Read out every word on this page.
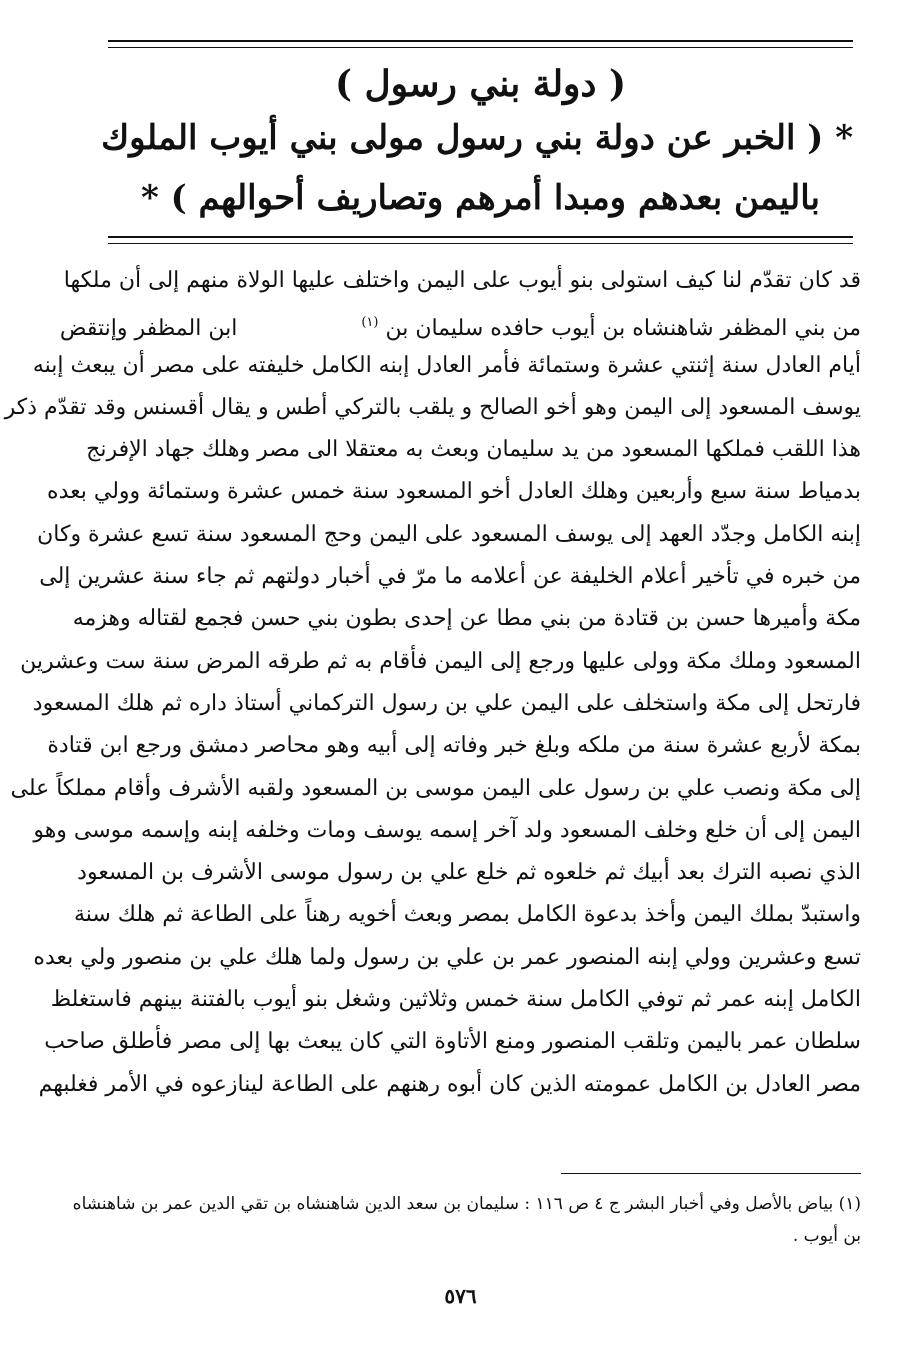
( دولة بني رسول )
* ( الخبر عن دولة بني رسول مولى بني أيوب الملوك
باليمن بعدهم ومبدا أمرهم وتصاريف أحوالهم ) *
قد كان تقدّم لنا كيف استولى بنو أيوب على اليمن واختلف عليها الولاة منهم إلى أن ملكها
من بني المظفر شاهنشاه بن أيوب حافده سليمان بن $^{(١)}$  ابن المظفر وإنتقض
أيام العادل سنة إثنتي عشرة وستمائة فأمر العادل إبنه الكامل خليفته على مصر أن يبعث إبنه
يوسف المسعود إلى اليمن وهو أخو الصالح و يلقب بالتركي أطس و يقال أقسنس وقد تقدّم ذكر
هذا اللقب فملكها المسعود من يد سليمان وبعث به معتقلا الى مصر وهلك جهاد الإفرنج
بدمياط سنة سبع وأربعين وهلك العادل أخو المسعود سنة خمس عشرة وستمائة وولي بعده
إبنه الكامل وجدّد العهد إلى يوسف المسعود على اليمن وحج المسعود سنة تسع عشرة وكان
من خبره في تأخير أعلام الخليفة عن أعلامه ما مرّ في أخبار دولتهم ثم جاء سنة عشرين إلى
مكة وأميرها حسن بن قتادة من بني مطا عن إحدى بطون بني حسن فجمع لقتاله وهزمه
المسعود وملك مكة وولى عليها ورجع إلى اليمن فأقام به ثم طرقه المرض سنة ست وعشرين
فارتحل إلى مكة واستخلف على اليمن علي بن رسول التركماني أستاذ داره ثم هلك المسعود
بمكة لأربع عشرة سنة من ملكه وبلغ خبر وفاته إلى أبيه وهو محاصر دمشق ورجع ابن قتادة
إلى مكة ونصب علي بن رسول على اليمن موسى بن المسعود ولقبه الأشرف وأقام مملكاً على
اليمن إلى أن خلع وخلف المسعود ولد آخر إسمه يوسف ومات وخلفه إبنه وإسمه موسى وهو
الذي نصبه الترك بعد أبيك ثم خلعوه ثم خلع علي بن رسول موسى الأشرف بن المسعود
واستبدّ بملك اليمن وأخذ بدعوة الكامل بمصر وبعث أخويه رهناً على الطاعة ثم هلك سنة
تسع وعشرين وولي إبنه المنصور عمر بن علي بن رسول ولما هلك علي بن منصور ولي بعده
الكامل إبنه عمر ثم توفي الكامل سنة خمس وثلاثين وشغل بنو أيوب بالفتنة بينهم فاستغلظ
سلطان عمر باليمن وتلقب المنصور ومنع الأتاوة التي كان يبعث بها إلى مصر فأطلق صاحب
مصر العادل بن الكامل عمومته الذين كان أبوه رهنهم على الطاعة لينازعوه في الأمر فغلبهم
(١) بياض بالأصل وفي أخبار البشر ج ٤ ص ١١٦ : سليمان بن سعد الدين شاهنشاه بن تقي الدين عمر بن شاهنشاه
بن أيوب .
٥٧٦
